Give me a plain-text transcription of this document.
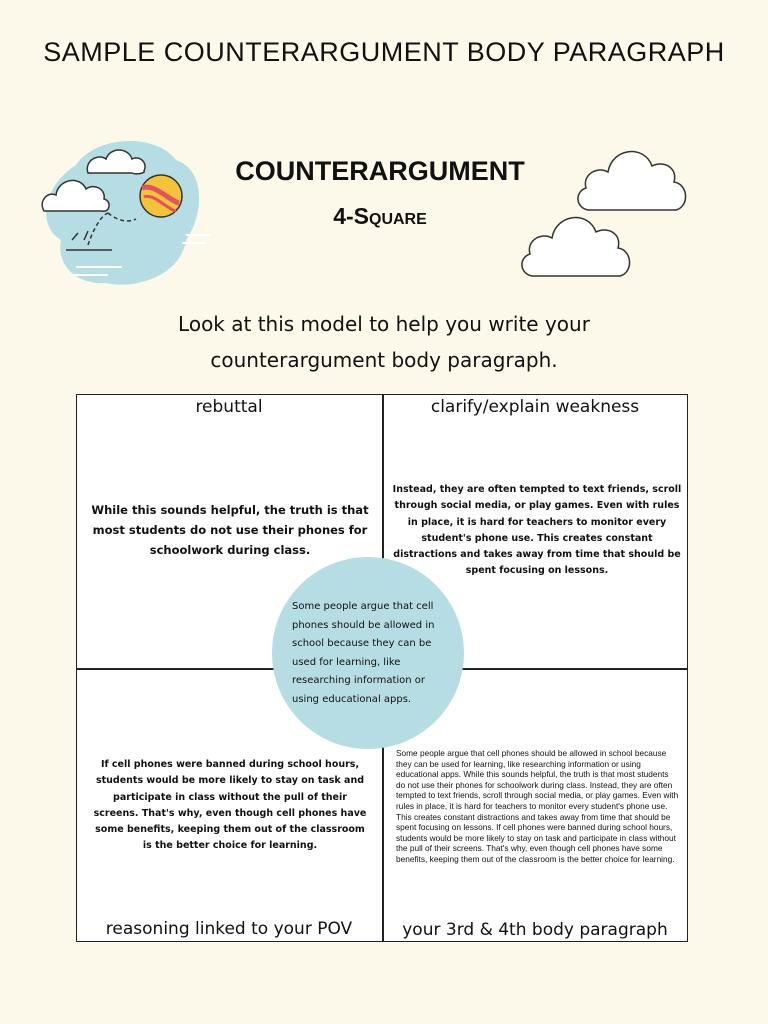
SAMPLE COUNTERARGUMENT BODY PARAGRAPH
COUNTERARGUMENT
4-Square
Look at this model to help you write your counterargument body paragraph.
rebuttal
While this sounds helpful, the truth is that most students do not use their phones for schoolwork during class.
clarify/explain weakness
Instead, they are often tempted to text friends, scroll through social media, or play games. Even with rules in place, it is hard for teachers to monitor every student's phone use. This creates constant distractions and takes away from time that should be spent focusing on lessons.
If cell phones were banned during school hours, students would be more likely to stay on task and participate in class without the pull of their screens. That's why, even though cell phones have some benefits, keeping them out of the classroom is the better choice for learning.
reasoning linked to your POV
Some people argue that cell phones should be allowed in school because they can be used for learning, like researching information or using educational apps. While this sounds helpful, the truth is that most students do not use their phones for schoolwork during class. Instead, they are often tempted to text friends, scroll through social media, or play games. Even with rules in place, it is hard for teachers to monitor every student's phone use. This creates constant distractions and takes away from time that should be spent focusing on lessons. If cell phones were banned during school hours, students would be more likely to stay on task and participate in class without the pull of their screens. That's why, even though cell phones have some benefits, keeping them out of the classroom is the better choice for learning.
your 3rd & 4th body paragraph
Some people argue that cell phones should be allowed in school because they can be used for learning, like researching information or using educational apps.
